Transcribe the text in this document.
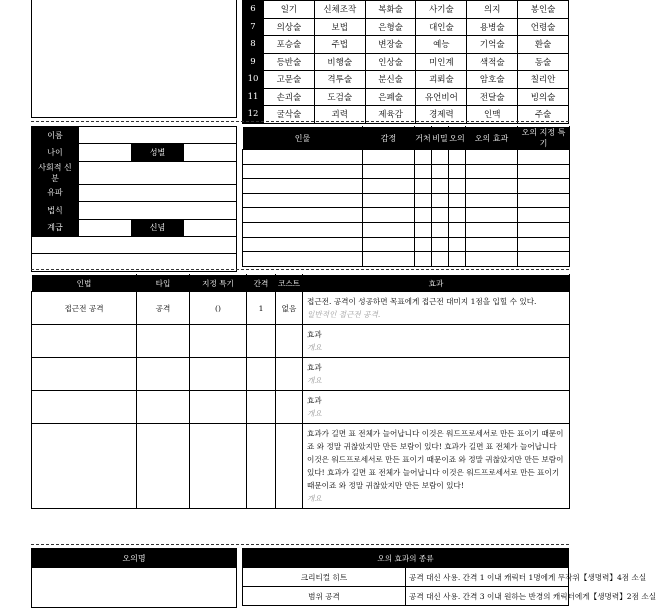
6	일기	신체조작	복화술	사기술	의지	봉인술
7	의상술	보법	은형술	대인술	용병술	언령술
8	포승술	주법	변장술	예능	기억술	환술
9	등반술	비행술	인상술	미인계	색적술	동술
10	고문술	격투술	분신술	괴뢰술	암호술	칠리안
11	손괴술	도검술	은폐술	유언비어	전달술	빙의술
12	굴삭술	괴력	제육감	경제력	인맥	주술
이름			
나이		성별	
사회적 신분			
유파			
법식			
계급		신념	

인물	감정	거처	비밀	오의	오의 효과	오의 지정 특기

인법	타입	지정 특기	간격	코스트	효과
접근전 공격	공격	()	1	없음	접근전. 공격이 성공하면 목표에게 접근전 대미지 1점을 입힐 수 있다.
일반적인 접근전 공격.

					효과
개요

					효과
개요

					효과
개요

					효과가 길면 표 전체가 늘어납니다 이것은 워드프로세서로 만든 표이기 때문이죠 와 정말 귀찮았지만 만든 보람이 있다! 효과가 길면 표 전체가 늘어납니다 이것은 워드프로세서로 만든 표이기 때문이죠 와 정말 귀찮았지만 만든 보람이 있다! 효과가 길면 표 전체가 늘어납니다 이것은 워드프로세서로 만든 표이기 때문이죠 와 정말 귀찮았지만 만든 보람이 있다!
개요
오의명	오의 효과의 종류	
크리티컬 히트	공격 대신 사용. 간격 1 이내 캐릭터 1명에게 무작위【생명력】4점 소실
범위 공격	공격 대신 사용. 간격 3 이내 원하는 반경의 캐릭터에게【생명력】2점 소실
